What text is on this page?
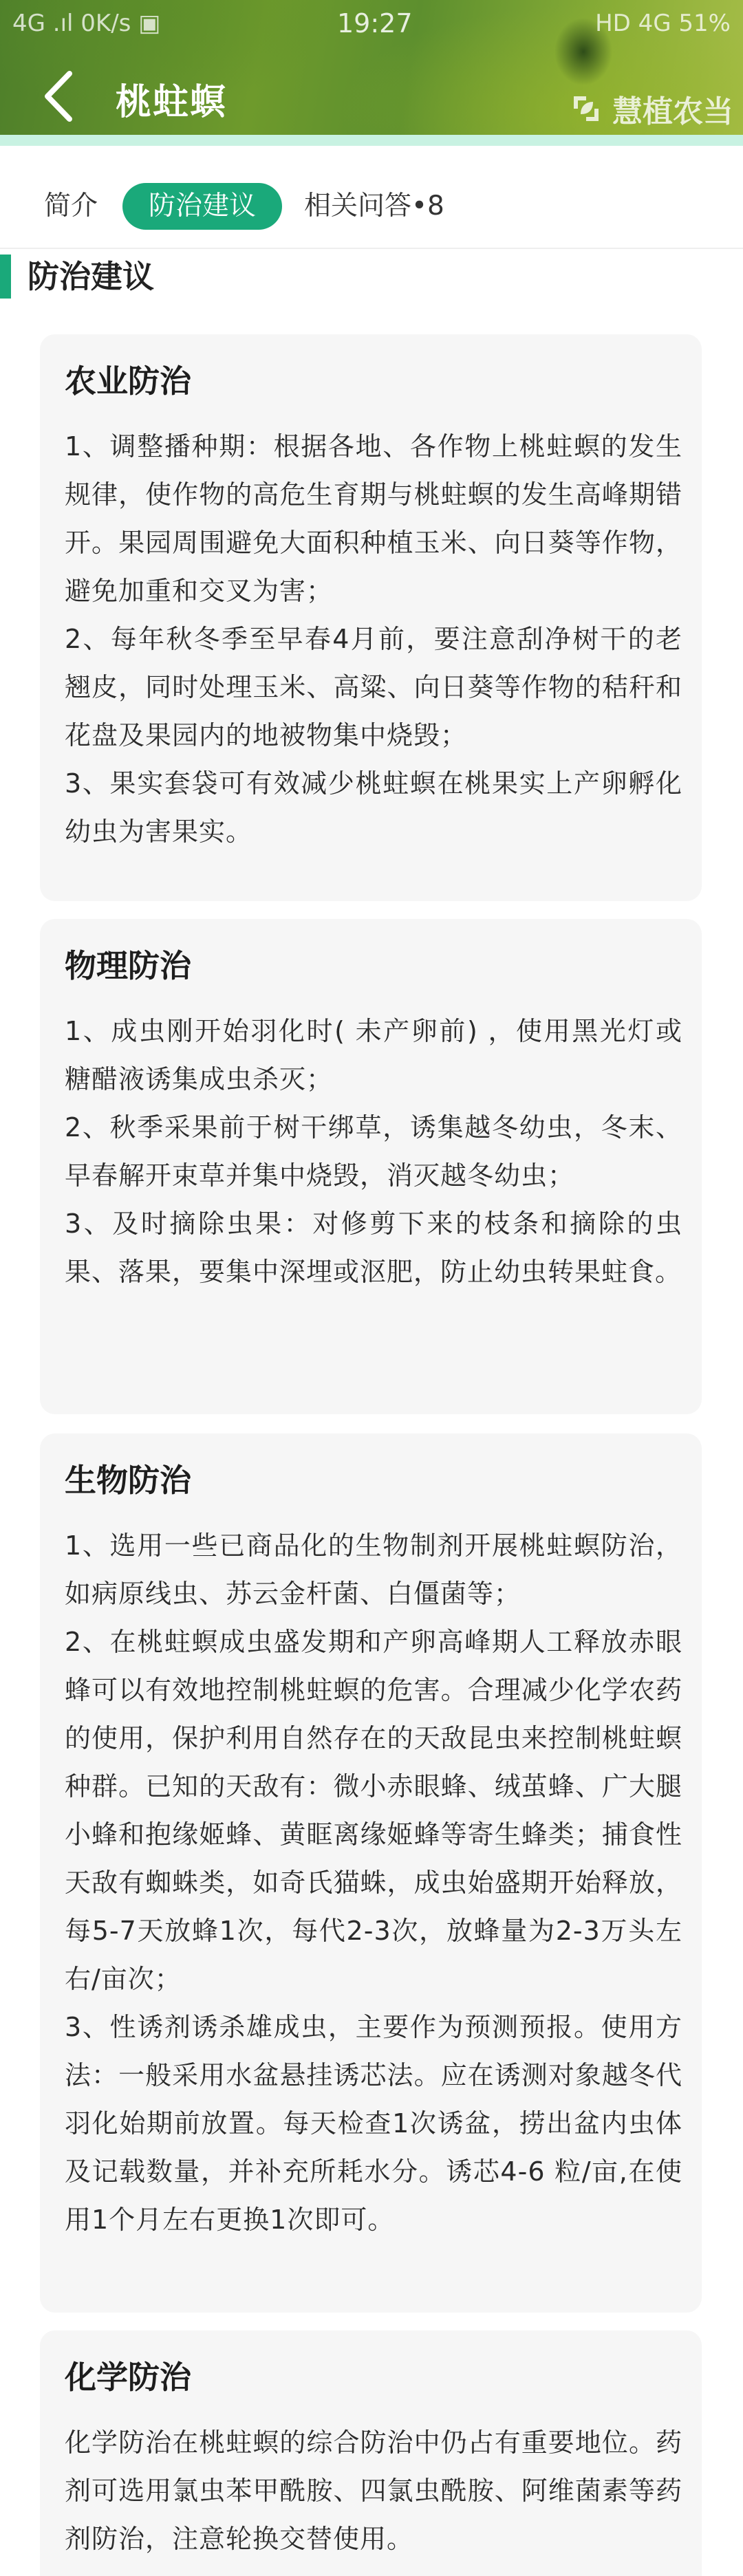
4G .ıl 0K/s ▣	19:27	HD 4G 51%
桃蛀螟	慧植农当
简介	防治建议	相关问答•8
防治建议
农业防治

1、调整播种期：根据各地、各作物上桃蛀螟的发生规律，使作物的高危生育期与桃蛀螟的发生高峰期错开。果园周围避免大面积种植玉米、向日葵等作物，避免加重和交叉为害；

2、每年秋冬季至早春4月前，要注意刮净树干的老翘皮，同时处理玉米、高粱、向日葵等作物的秸秆和花盘及果园内的地被物集中烧毁；

3、果实套袋可有效减少桃蛀螟在桃果实上产卵孵化幼虫为害果实。

物理防治

1、成虫刚开始羽化时( 未产卵前) ，使用黑光灯或糖醋液诱集成虫杀灭；

2、秋季采果前于树干绑草，诱集越冬幼虫，冬末、早春解开束草并集中烧毁，消灭越冬幼虫；

3、及时摘除虫果：对修剪下来的枝条和摘除的虫果、落果，要集中深埋或沤肥，防止幼虫转果蛀食。

生物防治

1、选用一些已商品化的生物制剂开展桃蛀螟防治，如病原线虫、苏云金杆菌、白僵菌等；

2、在桃蛀螟成虫盛发期和产卵高峰期人工释放赤眼蜂可以有效地控制桃蛀螟的危害。合理减少化学农药的使用，保护利用自然存在的天敌昆虫来控制桃蛀螟种群。已知的天敌有：微小赤眼蜂、绒茧蜂、广大腿小蜂和抱缘姬蜂、黄眶离缘姬蜂等寄生蜂类；捕食性天敌有蜘蛛类，如奇氏猫蛛，成虫始盛期开始释放，每5-7天放蜂1次，每代2-3次，放蜂量为2-3万头左右/亩次；

3、性诱剂诱杀雄成虫，主要作为预测预报。使用方法：一般采用水盆悬挂诱芯法。应在诱测对象越冬代羽化始期前放置。每天检查1次诱盆，捞出盆内虫体及记载数量，并补充所耗水分。诱芯4-6 粒/亩,在使用1个月左右更换1次即可。

化学防治

化学防治在桃蛀螟的综合防治中仍占有重要地位。药剂可选用氯虫苯甲酰胺、四氯虫酰胺、阿维菌素等药剂防治，注意轮换交替使用。
